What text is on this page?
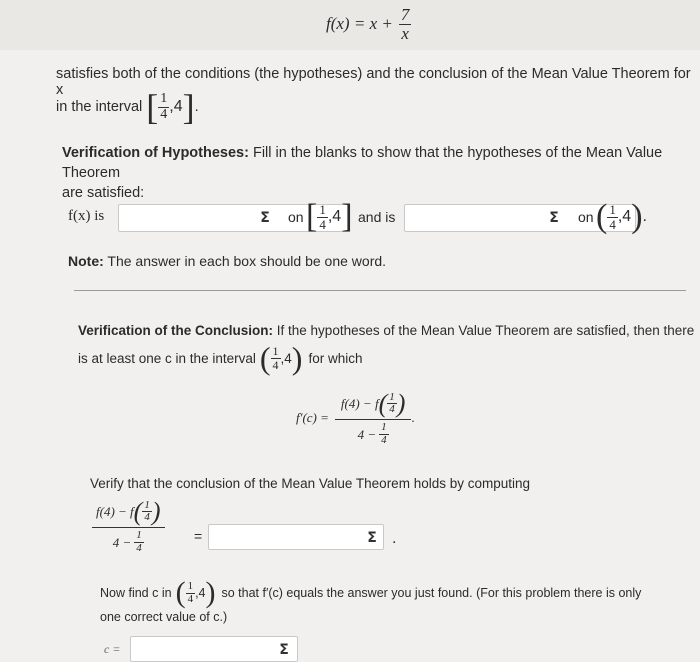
$f(x) = x + \frac{7}{x}$
satisfies both of the conditions (the hypotheses) and the conclusion of the Mean Value Theorem for x
in the interval [ $\frac{1}{4}$ , 4 ] .
Verification of Hypotheses: Fill in the blanks to show that the hypotheses of the Mean Value Theorem
are satisfied:
f(x) is	Σ	on [ $\frac{1}{4}$ , 4 ] and is	Σ	on ( $\frac{1}{4}$ , 4 ) .
Note: The answer in each box should be one word.
Verification of the Conclusion: If the hypotheses of the Mean Value Theorem are satisfied, then there
is at least one c in the interval ( $\frac{1}{4}$ , 4 ) for which
$f'(c) = \frac{f(4) - f ( \frac{1}{4} )}{4 - \frac{1}{4}}$ .
Verify that the conclusion of the Mean Value Theorem holds by computing
$\frac{f(4) - f ( \frac{1}{4} )}{4 - \frac{1}{4}}$ =	Σ .
Now find c in ( $\frac{1}{4}$ , 4 ) so that f′(c) equals the answer you just found. (For this problem there is only
one correct value of c.)
c =	Σ
